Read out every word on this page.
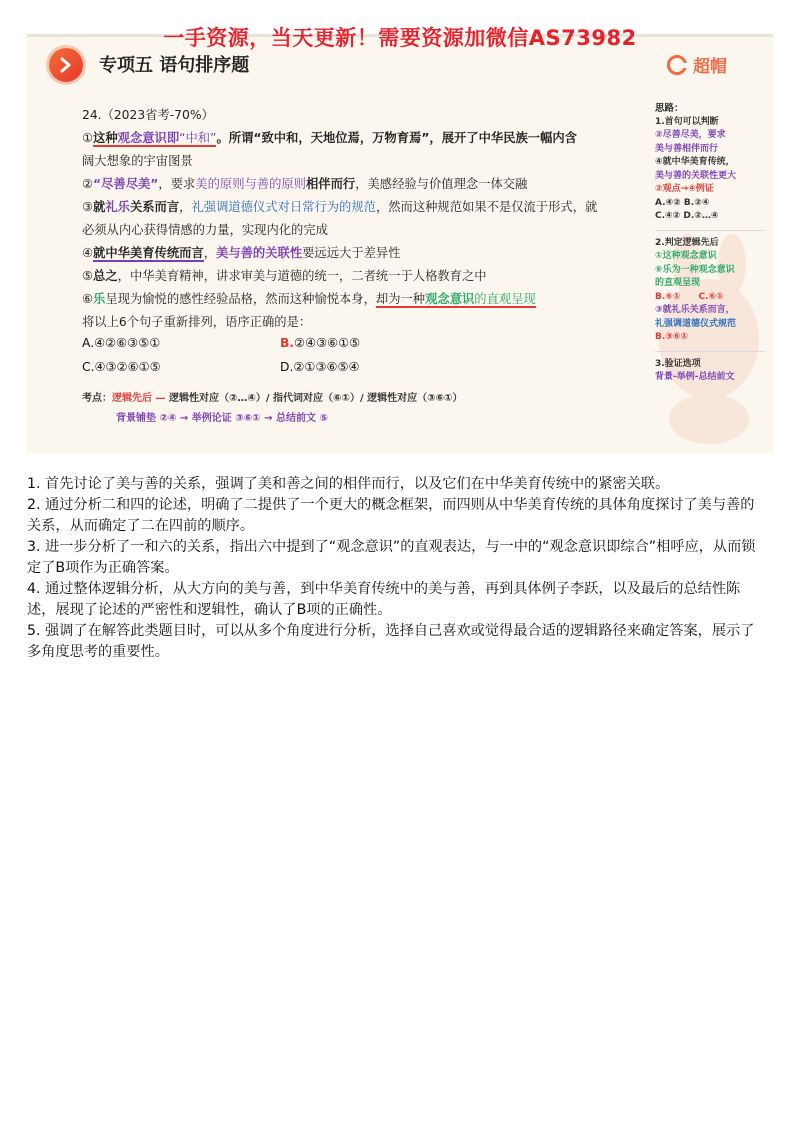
一手资源，当天更新！需要资源加微信AS73982
专项五 语句排序题	超帽
24.（2023省考-70%）
①这种观念意识即“中和”。所谓“致中和，天地位焉，万物育焉”，展开了中华民族一幅内含
阔大想象的宇宙图景
②“尽善尽美”，要求美的原则与善的原则相伴而行，美感经验与价值理念一体交融
③就礼乐关系而言，礼强调道德仪式对日常行为的规范，然而这种规范如果不是仅流于形式，就
必须从内心获得情感的力量，实现内化的完成
④就中华美育传统而言，美与善的关联性要远远大于差异性
⑤总之，中华美育精神，讲求审美与道德的统一，二者统一于人格教育之中
⑥乐呈现为愉悦的感性经验品格，然而这种愉悦本身，却为一种观念意识的直观呈现
将以上6个句子重新排列，语序正确的是：
A.④②⑥③⑤①	B.②④③⑥①⑤
C.④③②⑥①⑤	D.②①③⑥⑤④
考点：逻辑先后 — 逻辑性对应（②…④）/ 指代词对应（⑥①）/ 逻辑性对应（③⑥①）
背景铺垫 ②④ → 举例论证 ③⑥① → 总结前文 ⑤
思路：
1.首句可以判断
②尽善尽美，要求
美与善相伴而行
④就中华美育传统，
美与善的关联性更大
②观点→④例证
A.④② B.②④
C.④② D.②…④
2.判定逻辑先后
①这种观念意识
⑥乐为一种观念意识
的直观呈现
B.⑥①　　C.⑥①
③就礼乐关系而言，
礼强调道德仪式规范
B.③⑥①
3.验证选项
背景-举例-总结前文

1. 首先讨论了美与善的关系，强调了美和善之间的相伴而行，以及它们在中华美育传统中的紧密关联。

2. 通过分析二和四的论述，明确了二提供了一个更大的概念框架，而四则从中华美育传统的具体角度探讨了美与善的关系，从而确定了二在四前的顺序。

3. 进一步分析了一和六的关系，指出六中提到了“观念意识”的直观表达，与一中的“观念意识即综合”相呼应，从而锁定了B项作为正确答案。

4. 通过整体逻辑分析，从大方向的美与善，到中华美育传统中的美与善，再到具体例子李跃，以及最后的总结性陈述，展现了论述的严密性和逻辑性，确认了B项的正确性。

5. 强调了在解答此类题目时，可以从多个角度进行分析，选择自己喜欢或觉得最合适的逻辑路径来确定答案，展示了多角度思考的重要性。
